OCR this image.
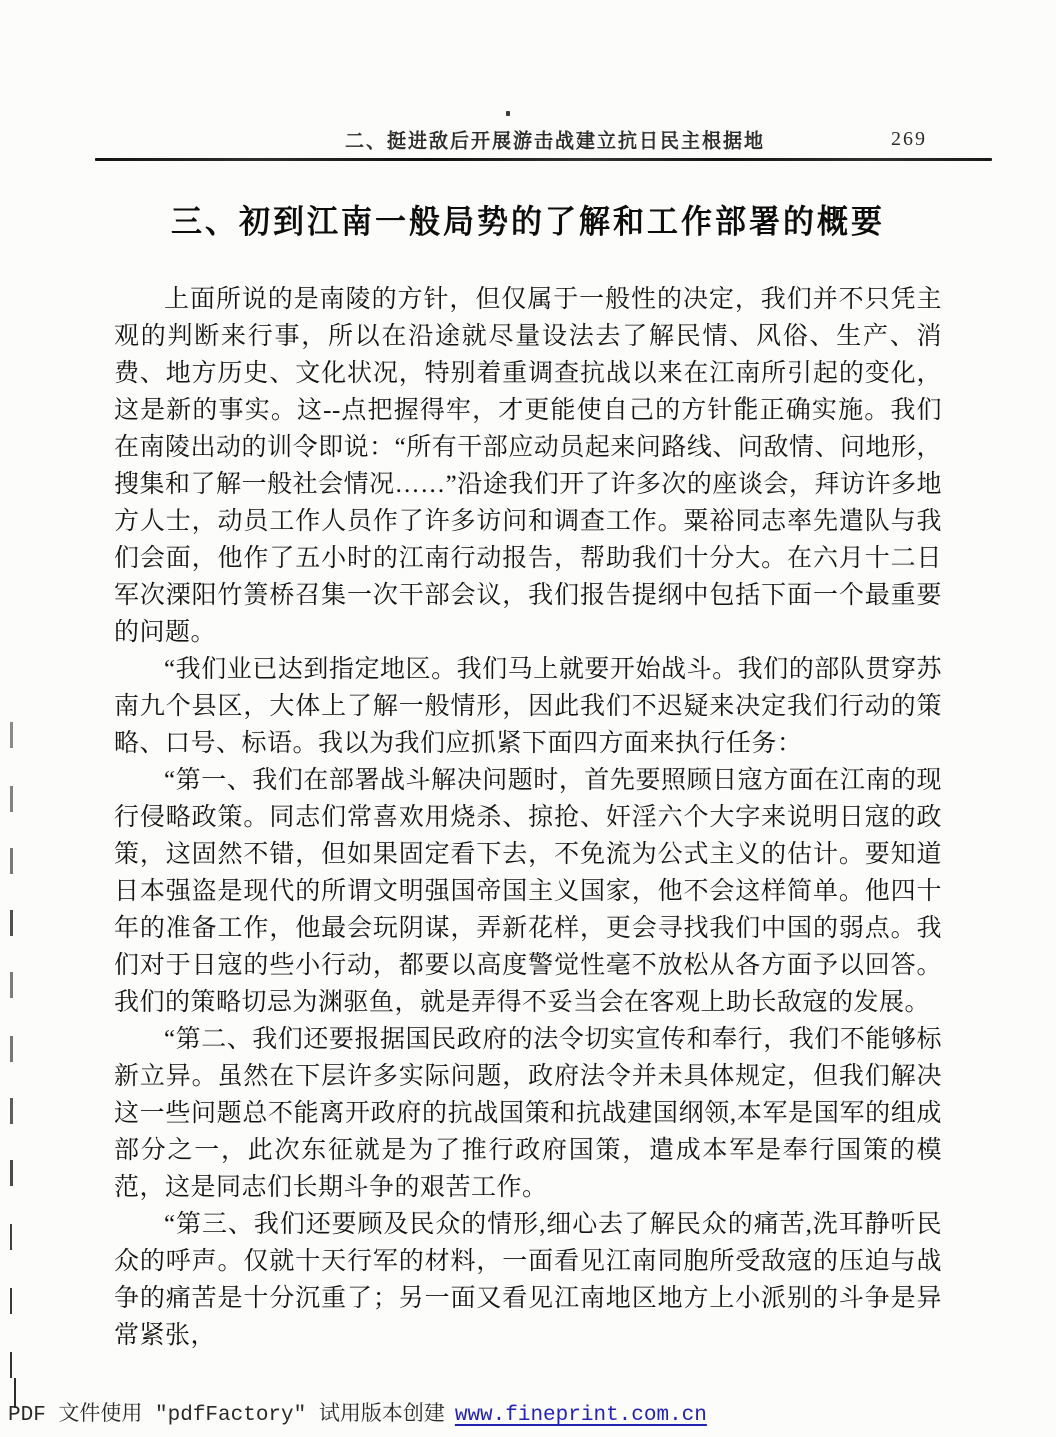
二、挺进敌后开展游击战建立抗日民主根据地	269
三、初到江南一般局势的了解和工作部署的概要

上面所说的是南陵的方针，但仅属于一般性的决定，我们并不只凭主观的判断来行事，所以在沿途就尽量设法去了解民情、风俗、生产、消费、地方历史、文化状况，特别着重调查抗战以来在江南所引起的变化，这是新的事实。这--点把握得牢，才更能使自己的方针能正确实施。我们在南陵出动的训令即说：“所有干部应动员起来问路线、问敌情、问地形，搜集和了解一般社会情况……”沿途我们开了许多次的座谈会，拜访许多地方人士，动员工作人员作了许多访问和调查工作。粟裕同志率先遣队与我们会面，他作了五小时的江南行动报告，帮助我们十分大。在六月十二日军次溧阳竹箦桥召集一次干部会议，我们报告提纲中包括下面一个最重要的问题。

“我们业已达到指定地区。我们马上就要开始战斗。我们的部队贯穿苏南九个县区，大体上了解一般情形，因此我们不迟疑来决定我们行动的策略、口号、标语。我以为我们应抓紧下面四方面来执行任务：

“第一、我们在部署战斗解决问题时，首先要照顾日寇方面在江南的现行侵略政策。同志们常喜欢用烧杀、掠抢、奸淫六个大字来说明日寇的政策，这固然不错，但如果固定看下去，不免流为公式主义的估计。要知道日本强盗是现代的所谓文明强国帝国主义国家，他不会这样简单。他四十年的准备工作，他最会玩阴谋，弄新花样，更会寻找我们中国的弱点。我们对于日寇的些小行动，都要以高度警觉性毫不放松从各方面予以回答。我们的策略切忌为渊驱鱼，就是弄得不妥当会在客观上助长敌寇的发展。

“第二、我们还要报据国民政府的法令切实宣传和奉行，我们不能够标新立异。虽然在下层许多实际问题，政府法令并未具体规定，但我们解决这一些问题总不能离开政府的抗战国策和抗战建国纲领,本军是国军的组成部分之一，此次东征就是为了推行政府国策，遣成本军是奉行国策的模范，这是同志们长期斗争的艰苦工作。

“第三、我们还要顾及民众的情形,细心去了解民众的痛苦,洗耳静听民众的呼声。仅就十天行军的材料，一面看见江南同胞所受敌寇的压迫与战争的痛苦是十分沉重了；另一面又看见江南地区地方上小派别的斗争是异常紧张，

PDF 文件使用 ″pdfFactory″ 试用版本创建 www.fineprint.com.cn
